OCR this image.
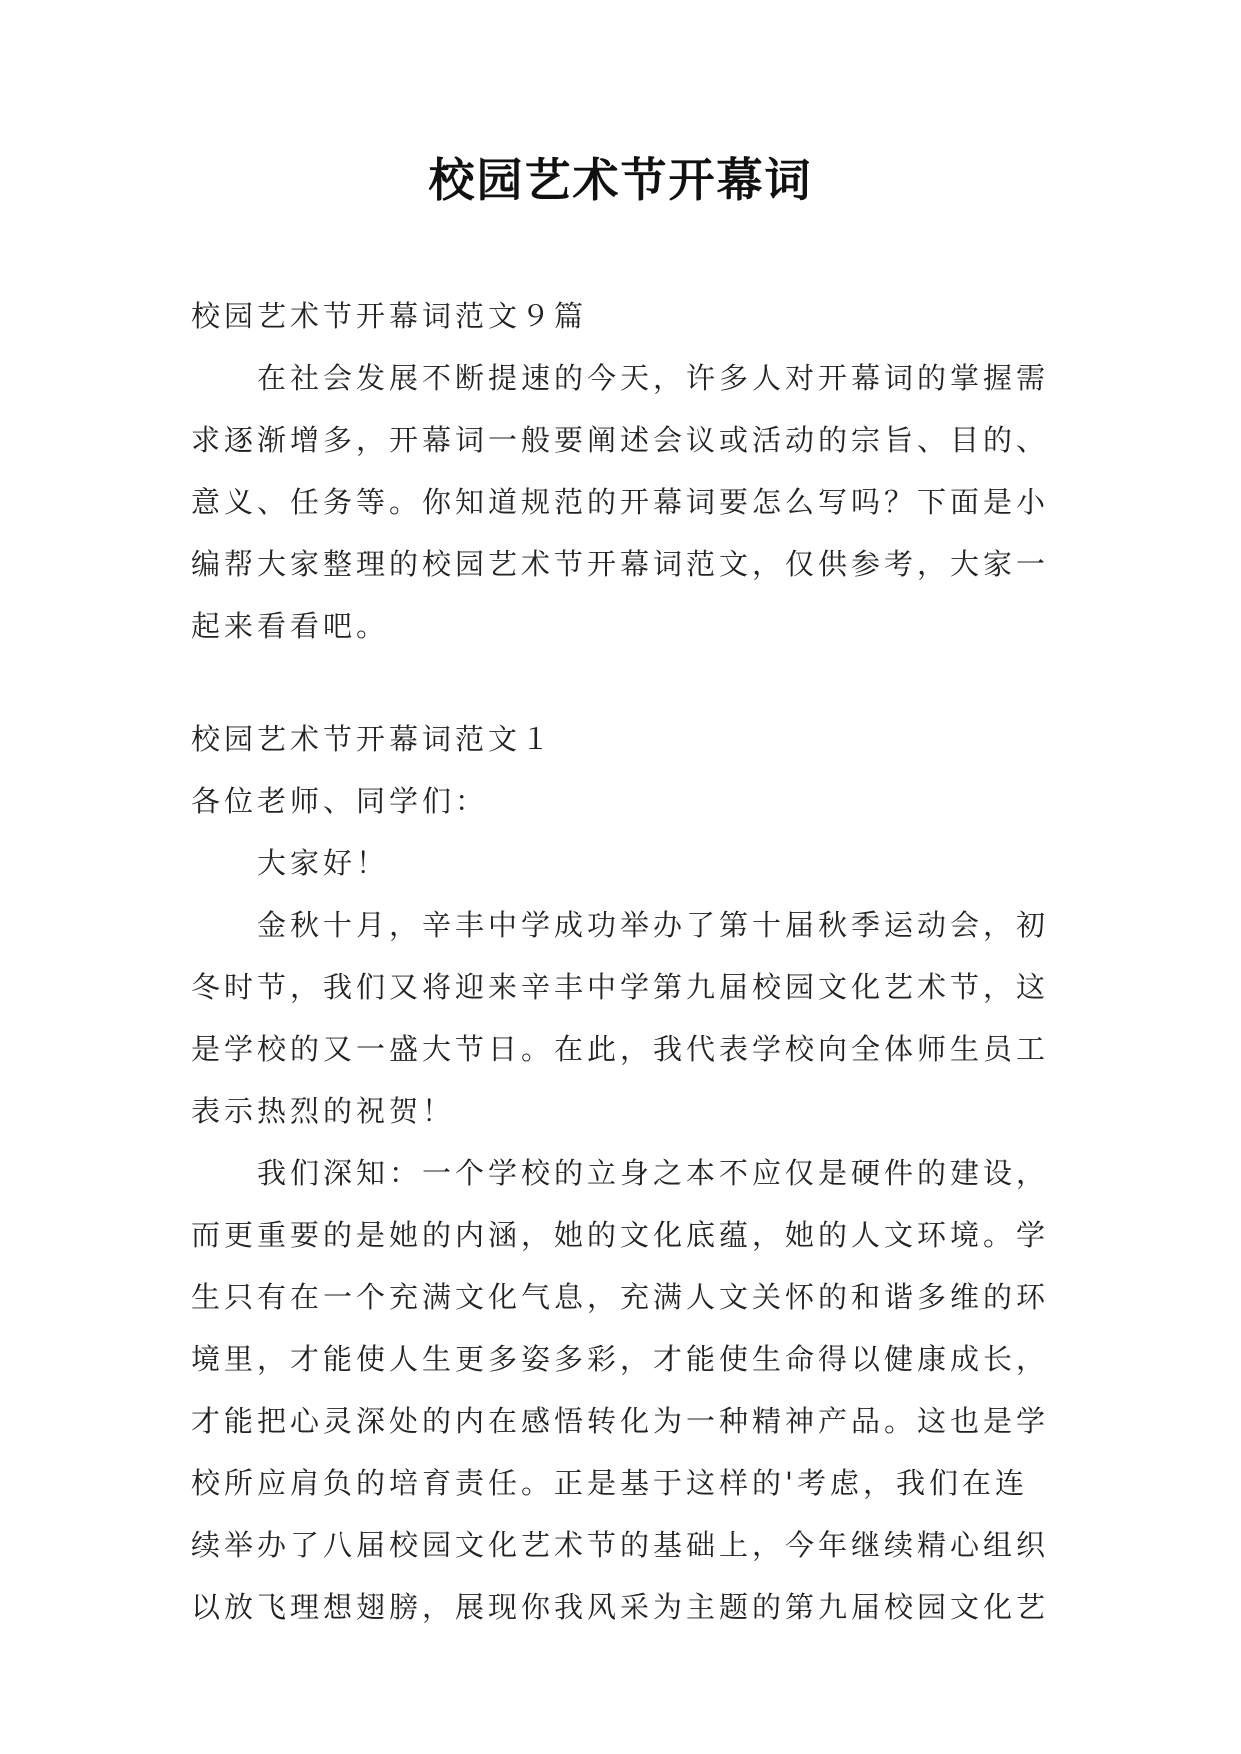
校园艺术节开幕词

校园艺术节开幕词范文９篇

在社会发展不断提速的今天，许多人对开幕词的掌握需

求逐渐增多，开幕词一般要阐述会议或活动的宗旨、目的、

意义、任务等。你知道规范的开幕词要怎么写吗？下面是小

编帮大家整理的校园艺术节开幕词范文，仅供参考，大家一

起来看看吧。

校园艺术节开幕词范文１

各位老师、同学们：

大家好！

金秋十月，辛丰中学成功举办了第十届秋季运动会，初

冬时节，我们又将迎来辛丰中学第九届校园文化艺术节，这

是学校的又一盛大节日。在此，我代表学校向全体师生员工

表示热烈的祝贺！

我们深知：一个学校的立身之本不应仅是硬件的建设，

而更重要的是她的内涵，她的文化底蕴，她的人文环境。学

生只有在一个充满文化气息，充满人文关怀的和谐多维的环

境里，才能使人生更多姿多彩，才能使生命得以健康成长，

才能把心灵深处的内在感悟转化为一种精神产品。这也是学

校所应肩负的培育责任。正是基于这样的'考虑，我们在连

续举办了八届校园文化艺术节的基础上，今年继续精心组织

以放飞理想翅膀，展现你我风采为主题的第九届校园文化艺
